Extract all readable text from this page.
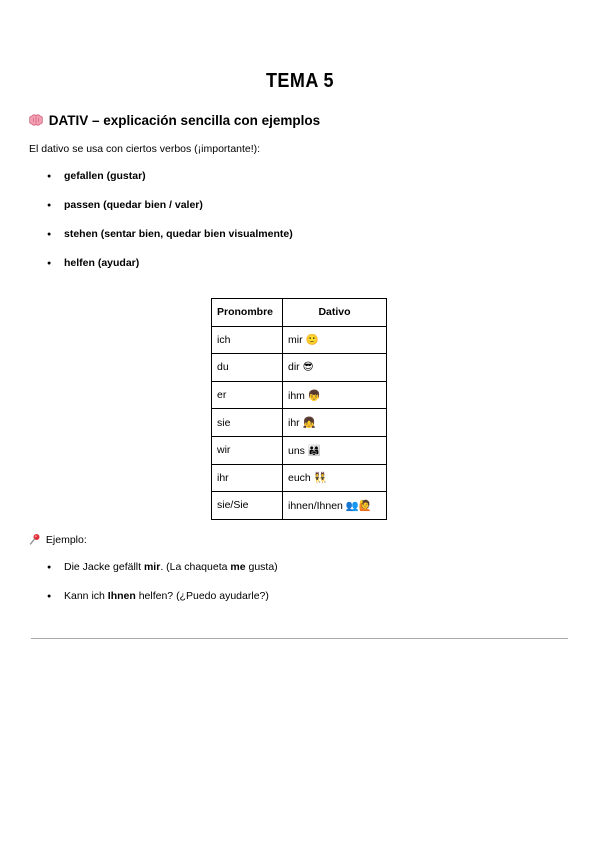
TEMA 5
DATIV – explicación sencilla con ejemplos
El dativo se usa con ciertos verbos (¡importante!):
● gefallen (gustar)
● passen (quedar bien / valer)
● stehen (sentar bien, quedar bien visualmente)
● helfen (ayudar)
Pronombre	Dativo
ich	mir 🙂
du	dir 😎
er	ihm 👦
sie	ihr 👧
wir	uns 👨‍👩‍👧
ihr	euch 👯
sie/Sie	ihnen/Ihnen 👥🙋
Ejemplo:
● Die Jacke gefällt mir. (La chaqueta me gusta)
● Kann ich Ihnen helfen? (¿Puedo ayudarle?)
